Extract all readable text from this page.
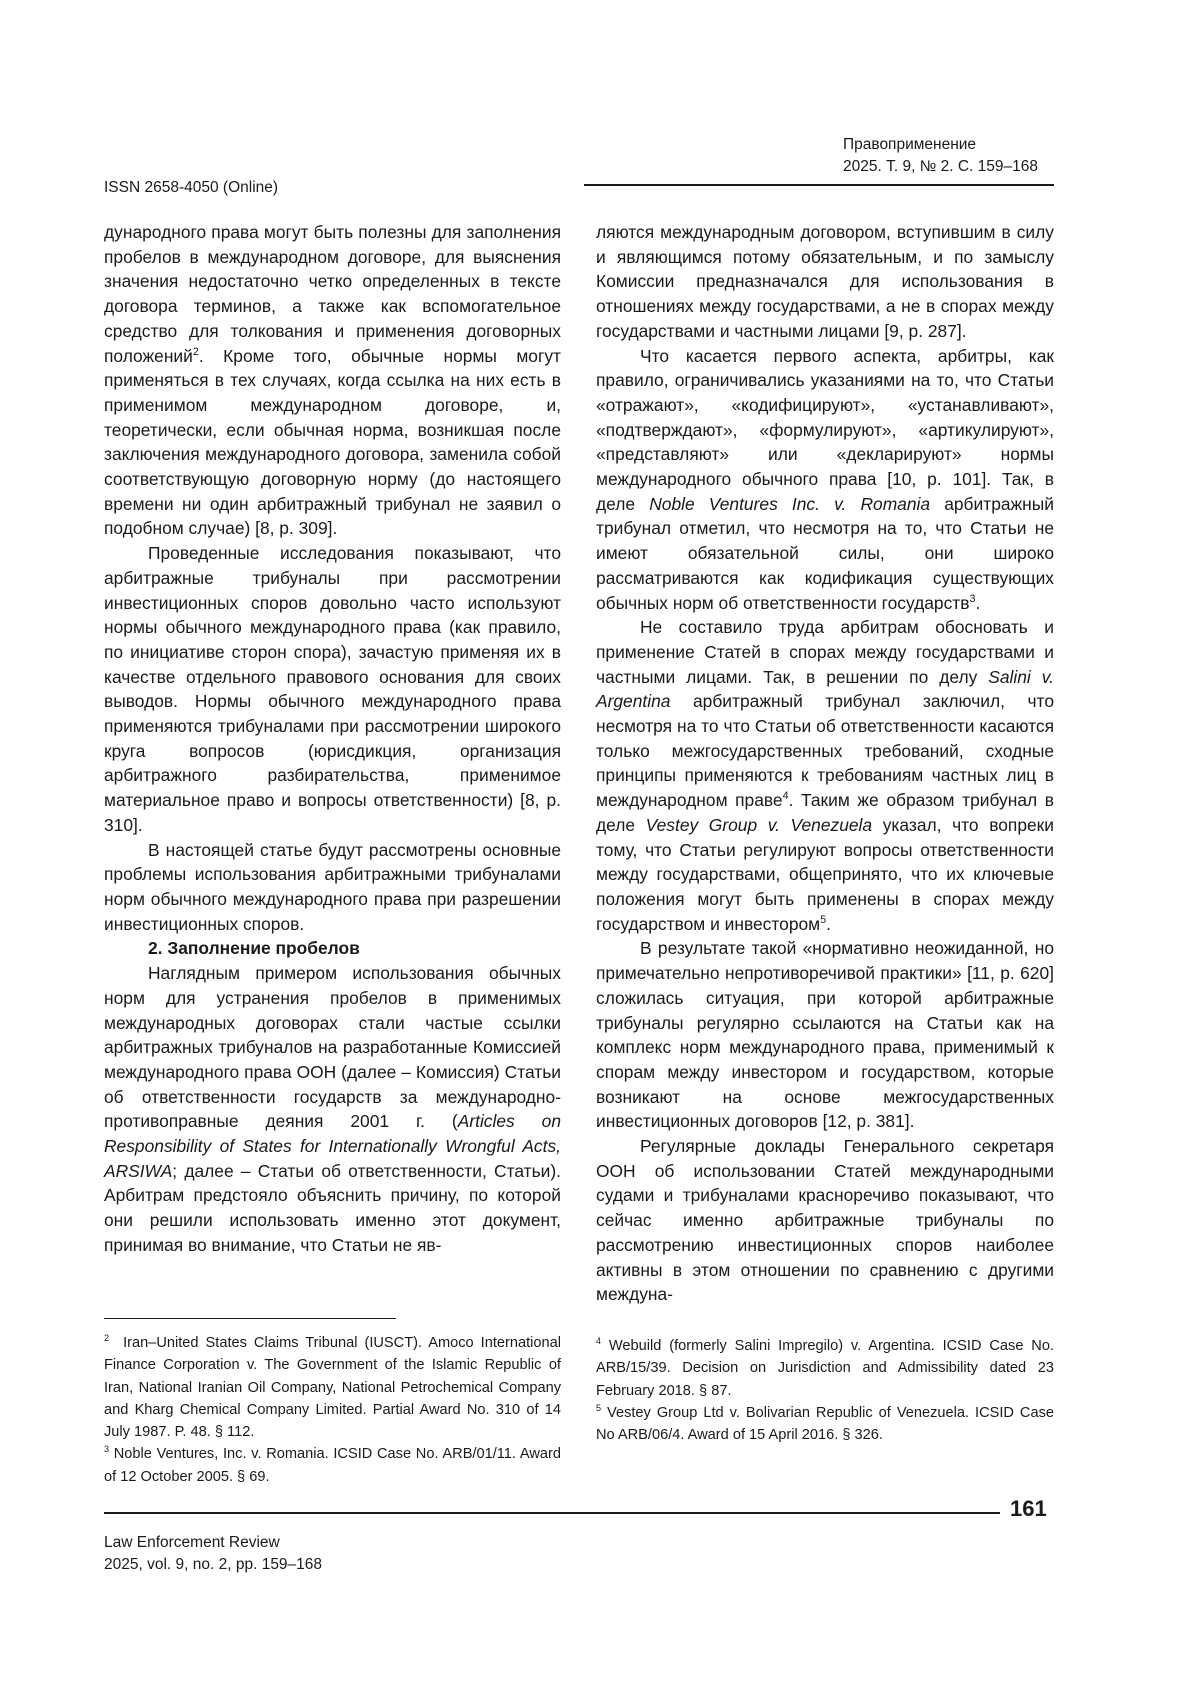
Правоприменение
2025. Т. 9, № 2. С. 159–168
ISSN 2658-4050 (Online)

дународного права могут быть полезны для заполнения пробелов в международном договоре, для выяснения значения недостаточно четко определенных в тексте договора терминов, а также как вспомогательное средство для толкования и применения договорных положений$^2$. Кроме того, обычные нормы могут применяться в тех случаях, когда ссылка на них есть в применимом международном договоре, и, теоретически, если обычная норма, возникшая после заключения международного договора, заменила собой соответствующую договорную норму (до настоящего времени ни один арбитражный трибунал не заявил о подобном случае) [8, p. 309].

Проведенные исследования показывают, что арбитражные трибуналы при рассмотрении инвестиционных споров довольно часто используют нормы обычного международного права (как правило, по инициативе сторон спора), зачастую применяя их в качестве отдельного правового основания для своих выводов. Нормы обычного международного права применяются трибуналами при рассмотрении широкого круга вопросов (юрисдикция, организация арбитражного разбирательства, применимое материальное право и вопросы ответственности) [8, p. 310].

В настоящей статье будут рассмотрены основные проблемы использования арбитражными трибуналами норм обычного международного права при разрешении инвестиционных споров.

2. Заполнение пробелов

Наглядным примером использования обычных норм для устранения пробелов в применимых международных договорах стали частые ссылки арбитражных трибуналов на разработанные Комиссией международного права ООН (далее – Комиссия) Статьи об ответственности государств за международно-противоправные деяния 2001 г. (Articles on Responsibility of States for Internationally Wrongful Acts, ARSIWA; далее – Статьи об ответственности, Статьи). Арбитрам предстояло объяснить причину, по которой они решили использовать именно этот документ, принимая во внимание, что Статьи не яв-

ляются международным договором, вступившим в силу и являющимся потому обязательным, и по замыслу Комиссии предназначался для использования в отношениях между государствами, а не в спорах между государствами и частными лицами [9, p. 287].

Что касается первого аспекта, арбитры, как правило, ограничивались указаниями на то, что Статьи «отражают», «кодифицируют», «устанавливают», «подтверждают», «формулируют», «артикулируют», «представляют» или «декларируют» нормы международного обычного права [10, p. 101]. Так, в деле Noble Ventures Inc. v. Romania арбитражный трибунал отметил, что несмотря на то, что Статьи не имеют обязательной силы, они широко рассматриваются как кодификация существующих обычных норм об ответственности государств$^3$.

Не составило труда арбитрам обосновать и применение Статей в спорах между государствами и частными лицами. Так, в решении по делу Salini v. Argentina арбитражный трибунал заключил, что несмотря на то что Статьи об ответственности касаются только межгосударственных требований, сходные принципы применяются к требованиям частных лиц в международном праве$^4$. Таким же образом трибунал в деле Vestey Group v. Venezuela указал, что вопреки тому, что Статьи регулируют вопросы ответственности между государствами, общепринято, что их ключевые положения могут быть применены в спорах между государством и инвестором$^5$.

В результате такой «нормативно неожиданной, но примечательно непротиворечивой практики» [11, p. 620] сложилась ситуация, при которой арбитражные трибуналы регулярно ссылаются на Статьи как на комплекс норм международного права, применимый к спорам между инвестором и государством, которые возникают на основе межгосударственных инвестиционных договоров [12, p. 381].

Регулярные доклады Генерального секретаря ООН об использовании Статей международными судами и трибуналами красноречиво показывают, что сейчас именно арбитражные трибуналы по рассмотрению инвестиционных споров наиболее активны в этом отношении по сравнению с другими междуна-

$^2$ Iran–United States Claims Tribunal (IUSCT). Amoco International Finance Corporation v. The Government of the Islamic Republic of Iran, National Iranian Oil Company, National Petrochemical Company and Kharg Chemical Company Limited. Partial Award No. 310 of 14 July 1987. P. 48. § 112.

$^3$ Noble Ventures, Inc. v. Romania. ICSID Case No. ARB/01/11. Award of 12 October 2005. § 69.

$^4$ Webuild (formerly Salini Impregilo) v. Argentina. ICSID Case No. ARB/15/39. Decision on Jurisdiction and Admissibility dated 23 February 2018. § 87.

$^5$ Vestey Group Ltd v. Bolivarian Republic of Venezuela. ICSID Case No ARB/06/4. Award of 15 April 2016. § 326.

161
Law Enforcement Review
2025, vol. 9, no. 2, pp. 159–168
